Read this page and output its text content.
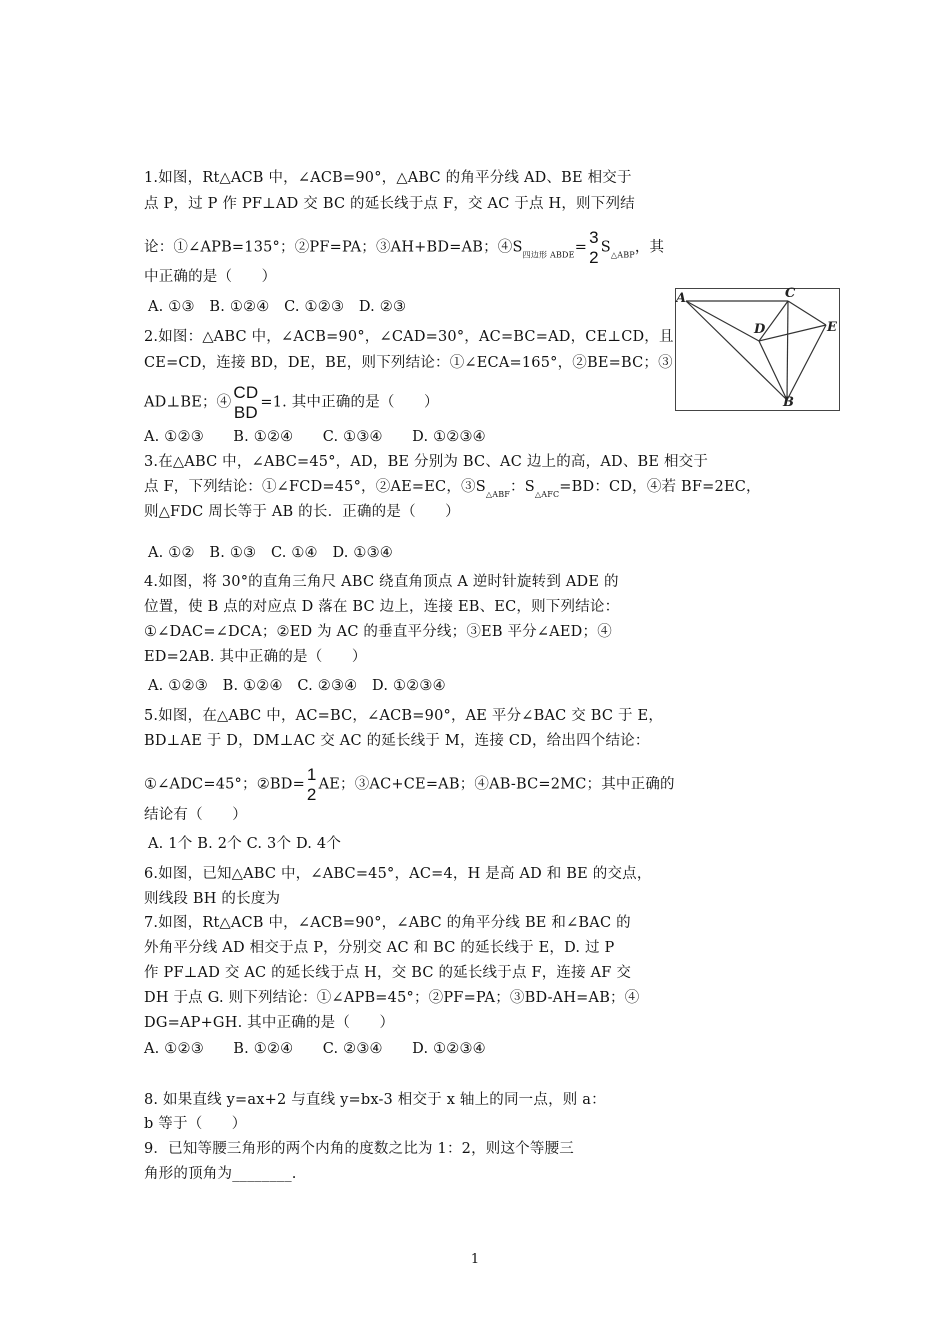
1.如图，Rt△ACB 中，∠ACB=90°，△ABC 的角平分线 AD、BE 相交于
点 P，过 P 作 PF⊥AD 交 BC 的延长线于点 F，交 AC 于点 H，则下列结
论：①∠APB=135°；②PF=PA；③AH+BD=AB；$④S_{四边形 ABDE}=$
3
2
$S_{\triangle ABP}$，其
中正确的是（　　）
A. ①③　B. ①②④　C. ①②③　D. ②③
A	C
D	E
B
2.如图：△ABC 中，∠ACB=90°，∠CAD=30°，AC=BC=AD，CE⊥CD，且
CE=CD，连接 BD，DE，BE，则下列结论：①∠ECA=165°，②BE=BC；③
AD⊥BE；④
CD
BD
=1. 其中正确的是（　　）
A. ①②③　　B. ①②④　　C. ①③④　　D. ①②③④
3.在△ABC 中，∠ABC=45°，AD，BE 分别为 BC、AC 边上的高，AD、BE 相交于
点 F，下列结论：①∠FCD=45°，②AE=EC，$③S_{\triangle ABF}$：$S_{\triangle AFC}=BD$：CD，④若 BF=2EC，
则△FDC 周长等于 AB 的长．正确的是（　　）
A. ①②　B. ①③　C. ①④　D. ①③④
4.如图，将 30°的直角三角尺 ABC 绕直角顶点 A 逆时针旋转到 ADE 的
位置，使 B 点的对应点 D 落在 BC 边上，连接 EB、EC，则下列结论：
①∠DAC=∠DCA；②ED 为 AC 的垂直平分线；③EB 平分∠AED；④
ED=2AB. 其中正确的是（　　）
A. ①②③　B. ①②④　C. ②③④　D. ①②③④
5.如图，在△ABC 中，AC=BC，∠ACB=90°，AE 平分∠BAC 交 BC 于 E，
BD⊥AE 于 D，DM⊥AC 交 AC 的延长线于 M，连接 CD，给出四个结论：
①∠ADC=45°；②BD=
1
2
AE；③AC+CE=AB；④AB-BC=2MC；其中正确的
结论有（　　）
A. 1个 B. 2个 C. 3个 D. 4个
6.如图，已知△ABC 中，∠ABC=45°，AC=4，H 是高 AD 和 BE 的交点，
则线段 BH 的长度为
7.如图，Rt△ACB 中，∠ACB=90°，∠ABC 的角平分线 BE 和∠BAC 的
外角平分线 AD 相交于点 P，分别交 AC 和 BC 的延长线于 E，D. 过 P
作 PF⊥AD 交 AC 的延长线于点 H，交 BC 的延长线于点 F，连接 AF 交
DH 于点 G. 则下列结论：①∠APB=45°；②PF=PA；③BD-AH=AB；④
DG=AP+GH. 其中正确的是（　　）
A. ①②③　　B. ①②④　　C. ②③④　　D. ①②③④
8. 如果直线 y=ax+2 与直线 y=bx-3 相交于 x 轴上的同一点，则 a：
b 等于（　　）
9．已知等腰三角形的两个内角的度数之比为 1：2，则这个等腰三
角形的顶角为________.
1
